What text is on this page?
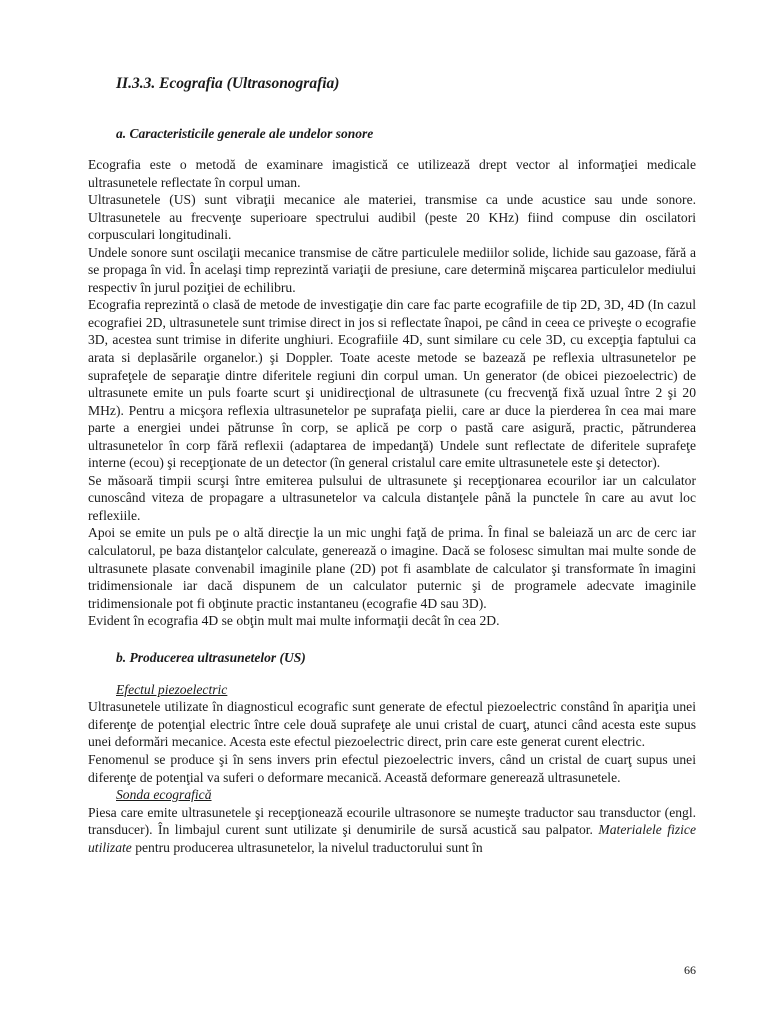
II.3.3. Ecografia (Ultrasonografia)
a. Caracteristicile generale ale undelor sonore

Ecografia este o metodă de examinare imagistică ce utilizează drept vector al informaţiei medicale ultrasunetele reflectate în corpul uman.

Ultrasunetele (US) sunt vibraţii mecanice ale materiei, transmise ca unde acustice sau unde sonore. Ultrasunetele au frecvenţe superioare spectrului audibil (peste 20 KHz) fiind compuse din oscilatori corpusculari longitudinali.

Undele sonore sunt oscilaţii mecanice transmise de către particulele mediilor solide, lichide sau gazoase, fără a se propaga în vid. În acelaşi timp reprezintă variaţii de presiune, care determină mişcarea particulelor mediului respectiv în jurul poziţiei de echilibru.

Ecografia reprezintă o clasă de metode de investigaţie din care fac parte ecografiile de tip 2D, 3D, 4D (In cazul ecografiei 2D, ultrasunetele sunt trimise direct in jos si reflectate înapoi, pe când in ceea ce priveşte o ecografie 3D, acestea sunt trimise in diferite unghiuri. Ecografiile 4D, sunt similare cu cele 3D, cu excepţia faptului ca arata si deplasările organelor.) şi Doppler. Toate aceste metode se bazează pe reflexia ultrasunetelor pe suprafeţele de separaţie dintre diferitele regiuni din corpul uman. Un generator (de obicei piezoelectric) de ultrasunete emite un puls foarte scurt şi unidirecţional de ultrasunete (cu frecvenţă fixă uzual între 2 şi 20 MHz). Pentru a micşora reflexia ultrasunetelor pe suprafaţa pielii, care ar duce la pierderea în cea mai mare parte a energiei undei pătrunse în corp, se aplică pe corp o pastă care asigură, practic, pătrunderea ultrasunetelor în corp fără reflexii (adaptarea de impedanţă) Undele sunt reflectate de diferitele suprafeţe interne (ecou) şi recepţionate de un detector (în general cristalul care emite ultrasunetele este şi detector).

Se măsoară timpii scurşi între emiterea pulsului de ultrasunete şi recepţionarea ecourilor iar un calculator cunoscând viteza de propagare a ultrasunetelor va calcula distanţele până la punctele în care au avut loc reflexiile.

Apoi se emite un puls pe o altă direcţie la un mic unghi faţă de prima. În final se baleiază un arc de cerc iar calculatorul, pe baza distanţelor calculate, generează o imagine. Dacă se folosesc simultan mai multe sonde de ultrasunete plasate convenabil imaginile plane (2D) pot fi asamblate de calculator şi transformate în imagini tridimensionale iar dacă dispunem de un calculator puternic şi de programele adecvate imaginile tridimensionale pot fi obţinute practic instantaneu (ecografie 4D sau 3D).

Evident în ecografia 4D se obţin mult mai multe informaţii decât în cea 2D.

b. Producerea ultrasunetelor (US)

Efectul piezoelectric

Ultrasunetele utilizate în diagnosticul ecografic sunt generate de efectul piezoelectric constând în apariţia unei diferenţe de potenţial electric între cele două suprafeţe ale unui cristal de cuarţ, atunci când acesta este supus unei deformări mecanice. Acesta este efectul piezoelectric direct, prin care este generat curent electric.

Fenomenul se produce şi în sens invers prin efectul piezoelectric invers, când un cristal de cuarţ supus unei diferenţe de potenţial va suferi o deformare mecanică. Această deformare generează ultrasunetele.

Sonda ecografică

Piesa care emite ultrasunetele şi recepţionează ecourile ultrasonore se numeşte traductor sau transductor (engl. transducer). În limbajul curent sunt utilizate şi denumirile de sursă acustică sau palpator. Materialele fizice utilizate pentru producerea ultrasunetelor, la nivelul traductorului sunt în

66
